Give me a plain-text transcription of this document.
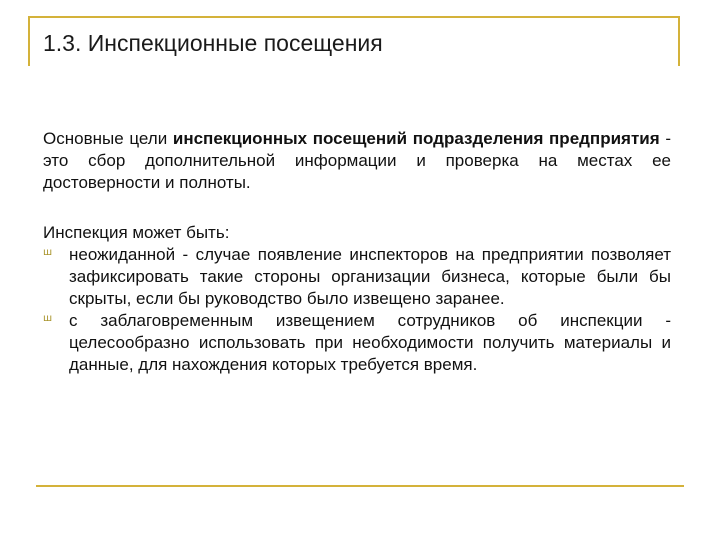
1.3. Инспекционные посещения

Основные цели инспекционных посещений подразделения предприятия - это сбор дополнительной информации и проверка на местах ее достоверности и полноты.

Инспекция может быть:
ш неожиданной - случае появление инспекторов на предприятии позволяет зафиксировать такие стороны организации бизнеса, которые были бы скрыты, если бы руководство было извещено заранее.
ш с заблаговременным извещением сотрудников об инспекции - целесообразно использовать при необходимости получить материалы и данные, для нахождения которых требуется время.
